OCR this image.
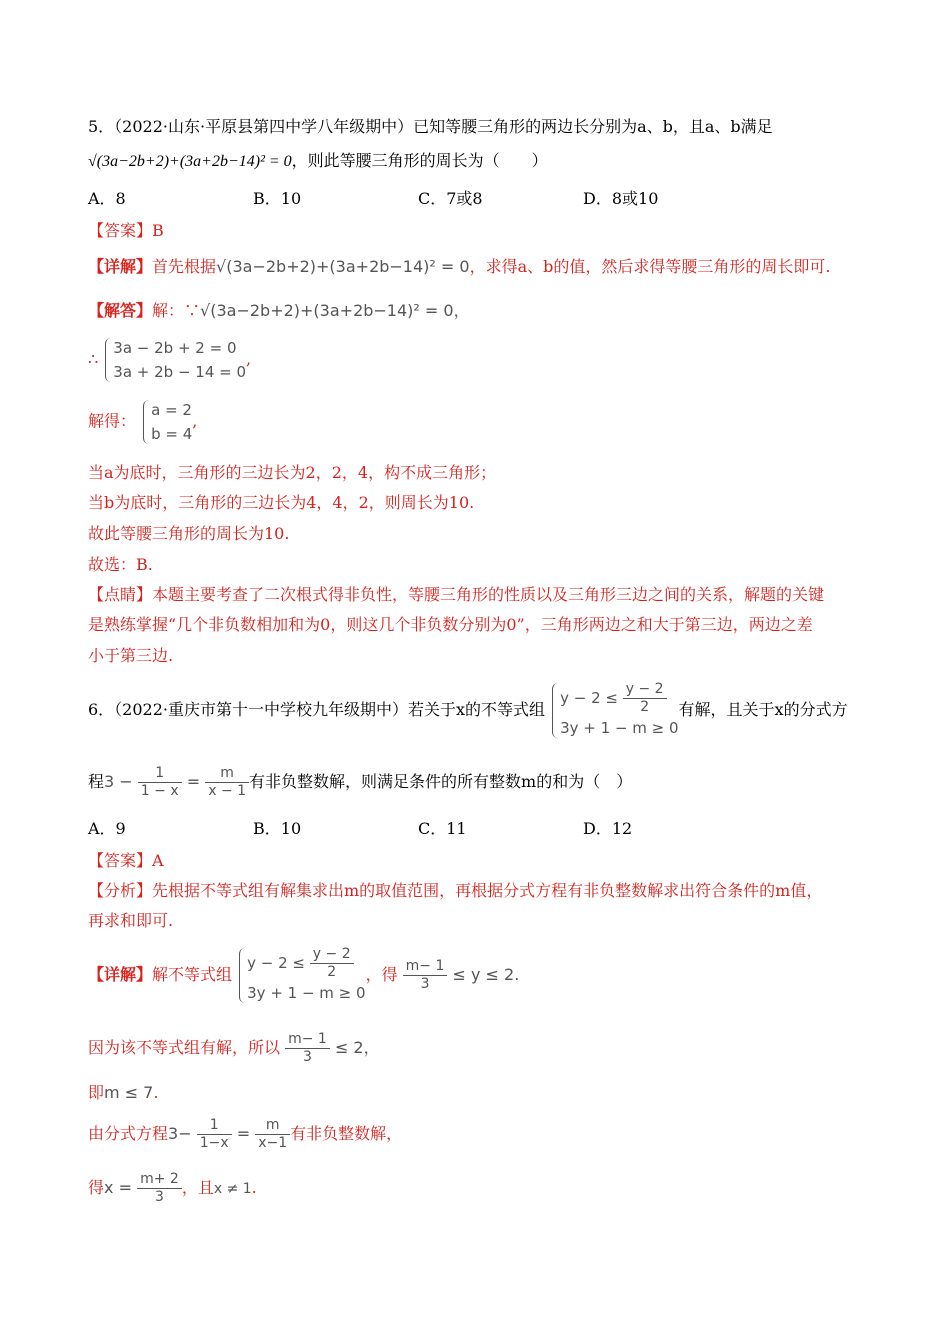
5．（2022·山东·平原县第四中学八年级期中）已知等腰三角形的两边长分别为a、b，且a、b满足
√(3a−2b+2)+(3a+2b−14)² = 0，则此等腰三角形的周长为（　　）
A．8	B．10	C．7或8	D．8或10
【答案】B
【详解】首先根据√(3a−2b+2)+(3a+2b−14)² = 0，求得a、b的值，然后求得等腰三角形的周长即可.
【解答】解：∵√(3a−2b+2)+(3a+2b−14)² = 0，
∴
3a − 2b + 2 = 0
3a + 2b − 14 = 0
,
解得：
a = 2
b = 4
,
当a为底时，三角形的三边长为2，2，4，构不成三角形；
当b为底时，三角形的三边长为4，4，2，则周长为10.
故此等腰三角形的周长为10.
故选：B.
【点睛】本题主要考查了二次根式得非负性，等腰三角形的性质以及三角形三边之间的关系，解题的关键
是熟练掌握“几个非负数相加和为0，则这几个非负数分别为0”，三角形两边之和大于第三边，两边之差
小于第三边.
6．（2022·重庆市第十一中学校九年级期中）若关于x的不等式组
$y - 2 \le \frac{y - 2}{2}$
3y + 1 − m ≥ 0
有解，且关于x的分式方
程$3 - \frac{1}{1 - x} = \frac{m}{x - 1}$ 有非负整数解，则满足条件的所有整数m的和为（　）
A．9	B．10	C．11	D．12
【答案】A
【分析】先根据不等式组有解集求出m的取值范围，再根据分式方程有非负整数解求出符合条件的m值，
再求和即可.
【详解】解不等式组
$y - 2 \le \frac{y - 2}{2}$
3y + 1 − m ≥ 0
，得 $\frac{m- 1}{3} \le y \le 2$.
因为该不等式组有解，所以 $\frac{m- 1}{3} \le 2$，
即m ≤ 7.
由分式方程$3- \frac{1}{1-x} = \frac{m}{x-1}$ 有非负整数解，
得$x = \frac{m+ 2}{3}$ ，且x ≠ 1.
